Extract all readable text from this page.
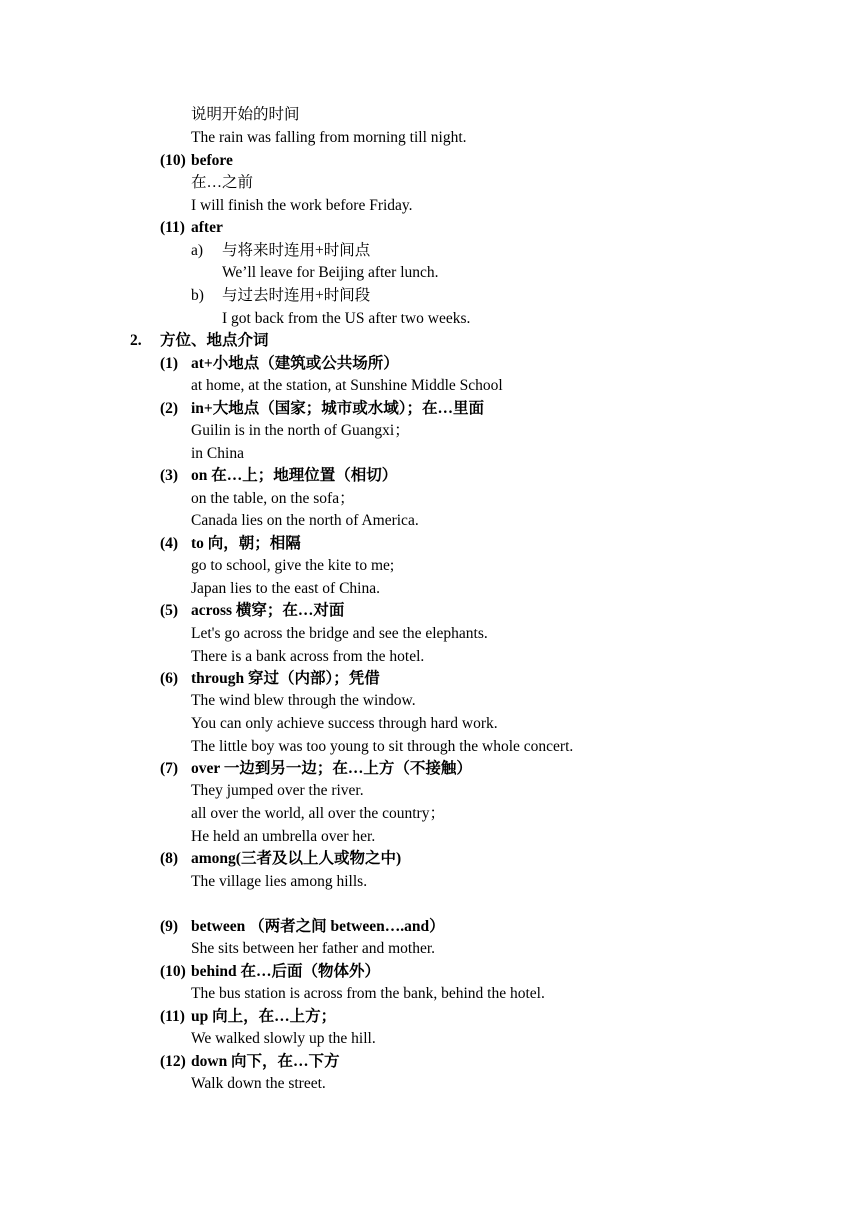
说明开始的时间
The rain was falling from morning till night.
(10) before
在…之前
I will finish the work before Friday.
(11) after
a) 与将来时连用+时间点
We’ll leave for Beijing after lunch.
b) 与过去时连用+时间段
I got back from the US after two weeks.
2. 方位、地点介词
(1) at+小地点（建筑或公共场所）
at home, at the station, at Sunshine Middle School
(2) in+大地点（国家；城市或水域）；在…里面
Guilin is in the north of Guangxi；
in China
(3) on 在…上；地理位置（相切）
on the table, on the sofa；
Canada lies on the north of America.
(4) to 向，朝；相隔
go to school, give the kite to me;
Japan lies to the east of China.
(5) across 横穿；在…对面
Let's go across the bridge and see the elephants.
There is a bank across from the hotel.
(6) through 穿过（内部）；凭借
The wind blew through the window.
You can only achieve success through hard work.
The little boy was too young to sit through the whole concert.
(7) over 一边到另一边；在…上方（不接触）
They jumped over the river.
all over the world, all over the country；
He held an umbrella over her.
(8) among(三者及以上人或物之中)
The village lies among hills.
(9) between （两者之间 between….and）
She sits between her father and mother.
(10) behind 在…后面（物体外）
The bus station is across from the bank, behind the hotel.
(11) up 向上，在…上方；
We walked slowly up the hill.
(12) down 向下，在…下方
Walk down the street.
